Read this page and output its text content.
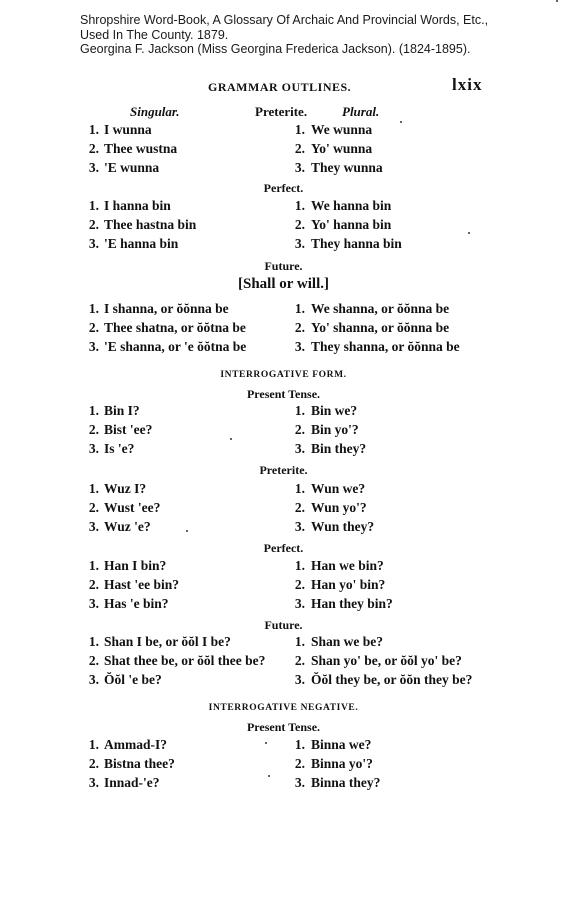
Shropshire Word-Book, A Glossary Of Archaic And Provincial Words, Etc.,
Used In The County. 1879.
Georgina F. Jackson (Miss Georgina Frederica Jackson). (1824-1895).
GRAMMAR OUTLINES.	lxix
Singular.	Preterite.	Plural.
1. I wunna	1. We wunna
2. Thee wustna	2. Yo' wunna
3. 'E wunna	3. They wunna
Perfect.
1. I hanna bin	1. We hanna bin
2. Thee hastna bin	2. Yo' hanna bin
3. 'E hanna bin	3. They hanna bin
Future.
[Shall or will.]
1. I shanna, or ŏŏnna be	1. We shanna, or ŏŏnna be
2. Thee shatna, or ŏŏtna be	2. Yo' shanna, or ŏŏnna be
3. 'E shanna, or 'e ŏŏtna be	3. They shanna, or ŏŏnna be
INTERROGATIVE FORM.
Present Tense.
1. Bin I?	1. Bin we?
2. Bist 'ee?	2. Bin yo'?
3. Is 'e?	3. Bin they?
Preterite.
1. Wuz I?	1. Wun we?
2. Wust 'ee?	2. Wun yo'?
3. Wuz 'e?	3. Wun they?
Perfect.
1. Han I bin?	1. Han we bin?
2. Hast 'ee bin?	2. Han yo' bin?
3. Has 'e bin?	3. Han they bin?
Future.
1. Shan I be, or ŏŏl I be?	1. Shan we be?
2. Shat thee be, or ŏŏl thee be?	2. Shan yo' be, or ŏŏl yo' be?
3. Ŏŏl 'e be?	3. Ŏŏl they be, or ŏŏn they be?
INTERROGATIVE NEGATIVE.
Present Tense.
1. Ammad-I?	1. Binna we?
2. Bistna thee?	2. Binna yo'?
3. Innad-'e?	3. Binna they?
